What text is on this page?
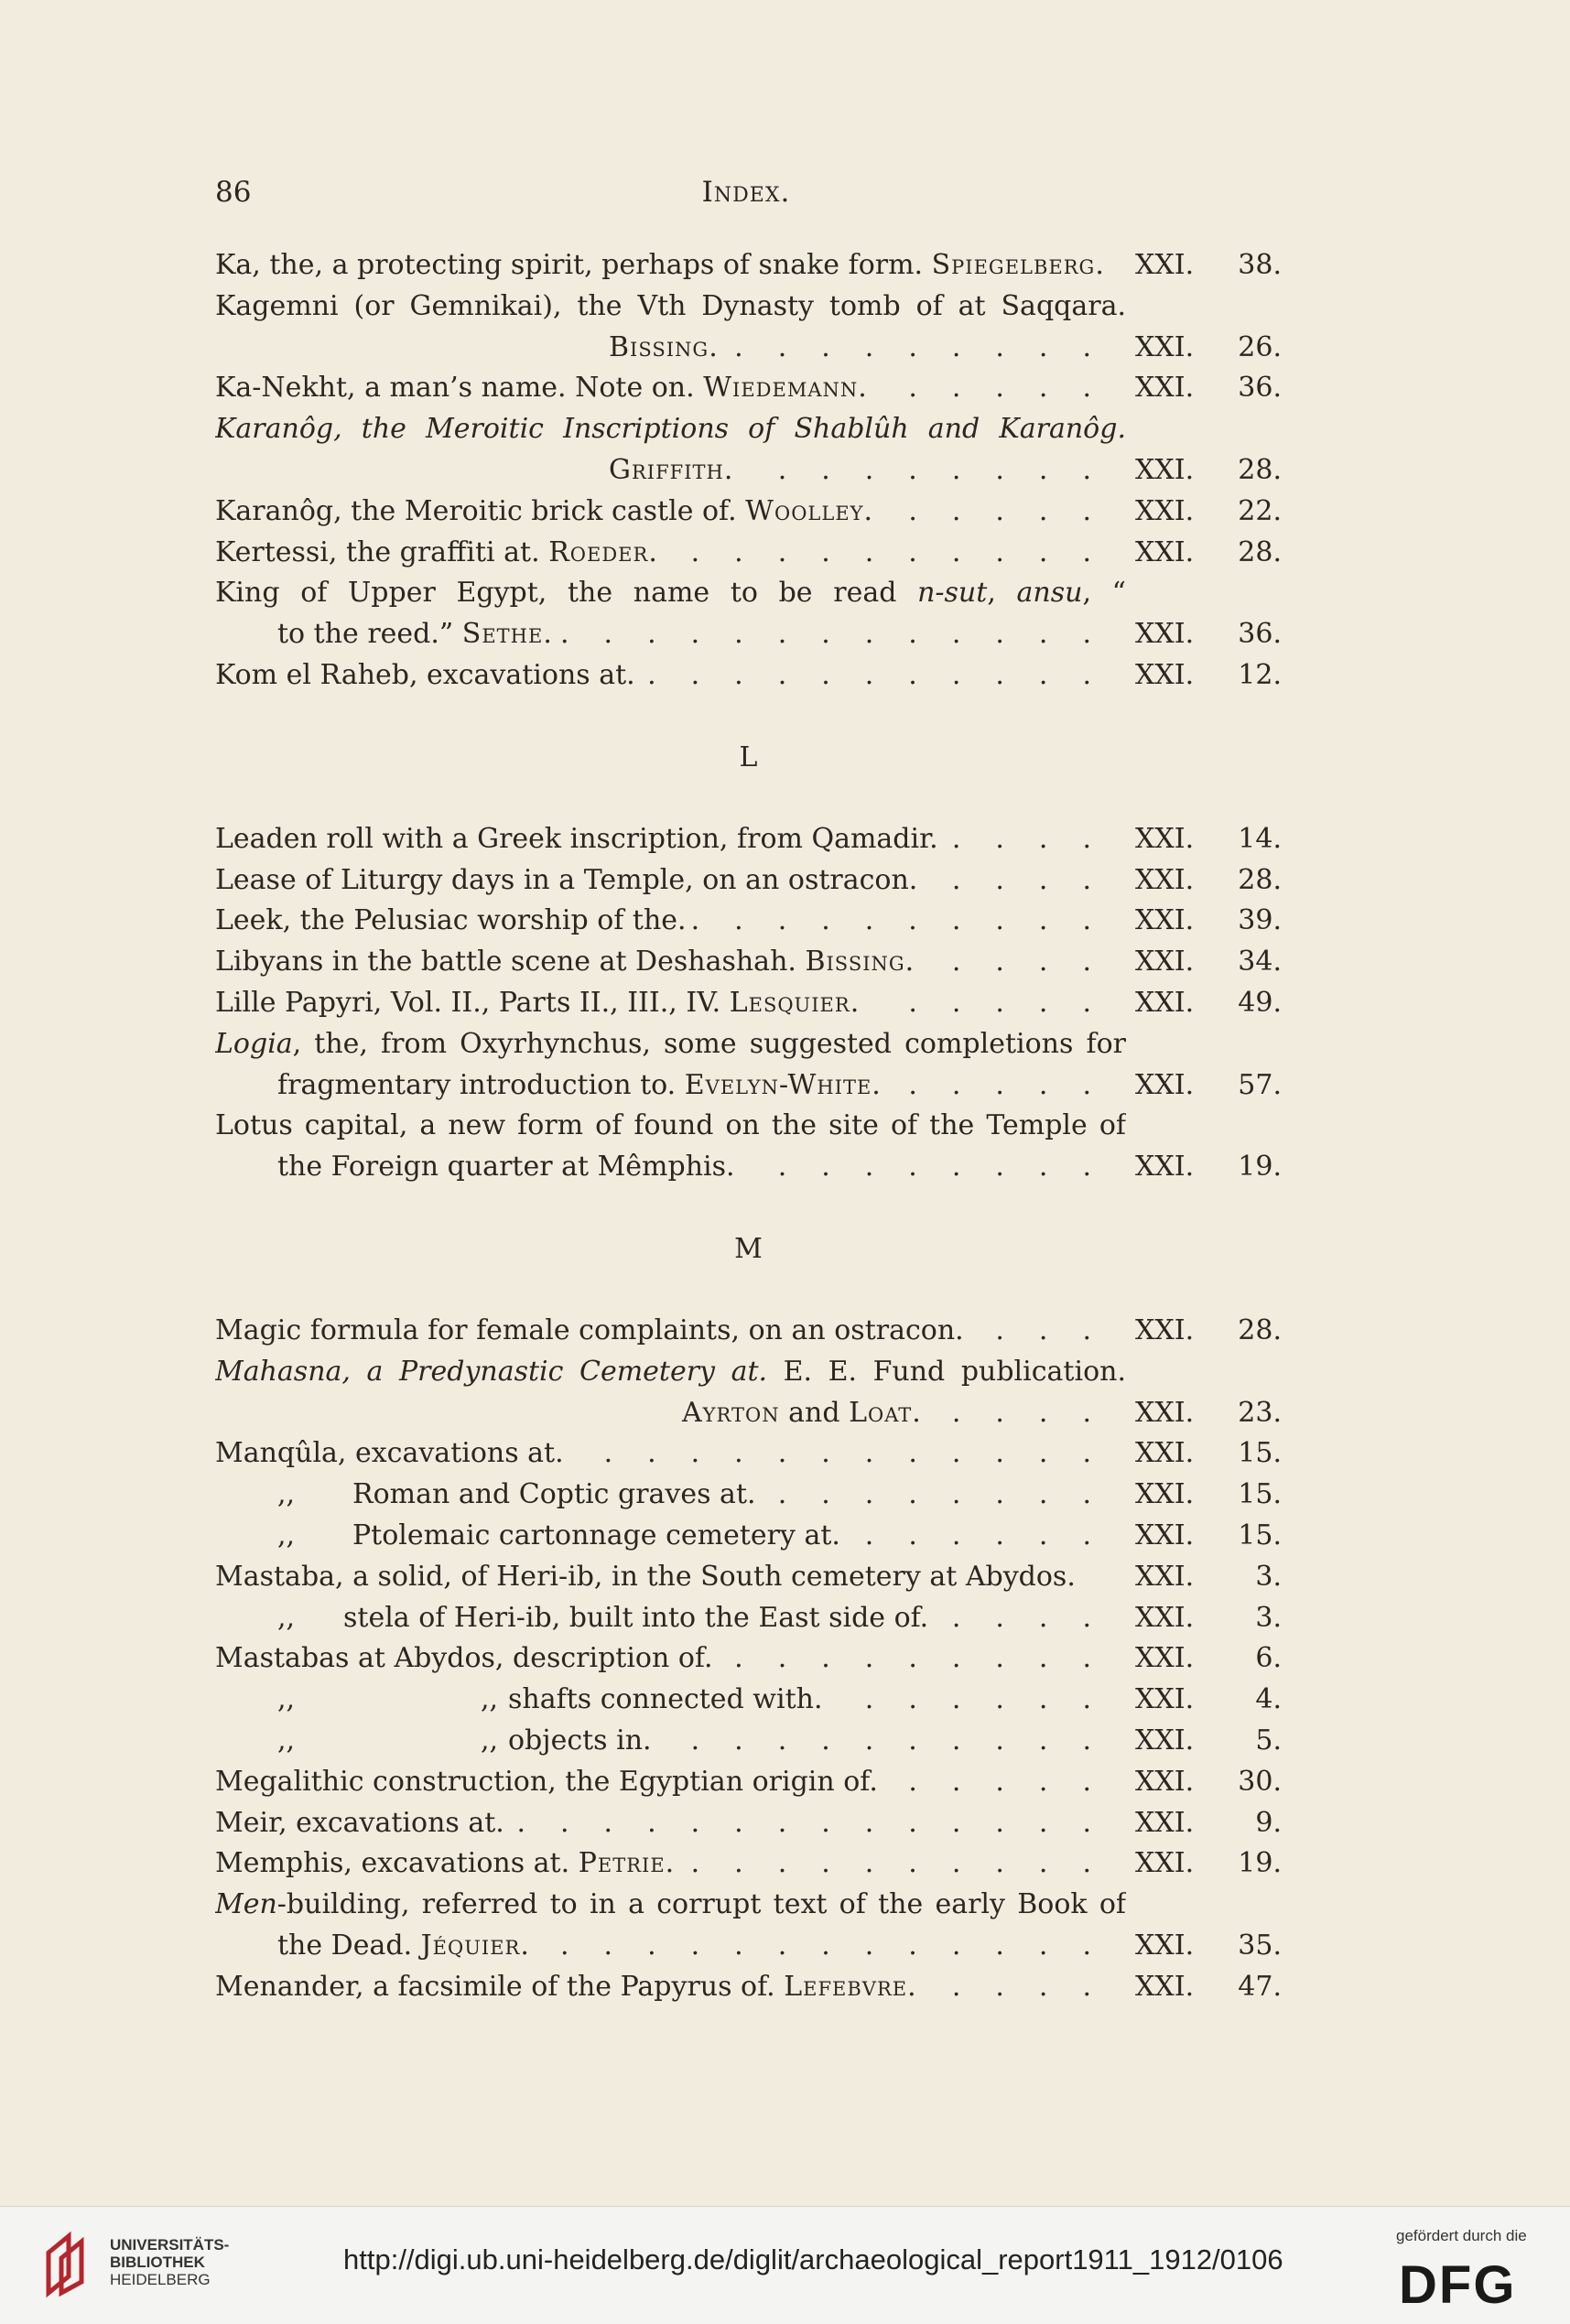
86	Index.
Ka, the, a protecting spirit, perhaps of snake form. Spiegelberg. XXI. 38.
Kagemni (or Gemnikai), the Vth Dynasty tomb of at Saqqara.
Bissing. ......... XXI. 26.
Ka-Nekht, a man’s name. Note on. Wiedemann. ..... XXI. 36.
Karanôg, the Meroitic Inscriptions of Shablûh and Karanôg.
Griffith. ........ XXI. 28.
Karanôg, the Meroitic brick castle of. Woolley. ..... XXI. 22.
Kertessi, the graffiti at. Roeder. .......... XXI. 28.
King of Upper Egypt, the name to be read n-sut, ansu, “
to the reed.” Sethe. ............. XXI. 36.
Kom el Raheb, excavations at. ........... XXI. 12.
L
Leaden roll with a Greek inscription, from Qamadir. .... XXI. 14.
Lease of Liturgy days in a Temple, on an ostracon. .... XXI. 28.
Leek, the Pelusiac worship of the. .......... XXI. 39.
Libyans in the battle scene at Deshashah. Bissing. .... XXI. 34.
Lille Papyri, Vol. II., Parts II., III., IV. Lesquier. ..... XXI. 49.
Logia, the, from Oxyrhynchus, some suggested completions for
fragmentary introduction to. Evelyn-White. ..... XXI. 57.
Lotus capital, a new form of found on the site of the Temple of
the Foreign quarter at Mêmphis. ........ XXI. 19.
M
Magic formula for female complaints, on an ostracon. ... XXI. 28.
Mahasna, a Predynastic Cemetery at. E. E. Fund publication.
Ayrton and Loat. .... XXI. 23.
Manqûla, excavations at. ............ XXI. 15.
,, Roman and Coptic graves at. ........ XXI. 15.
,, Ptolemaic cartonnage cemetery at. ...... XXI. 15.
Mastaba, a solid, of Heri-ib, in the South cemetery at Abydos. XXI. 3.
,, stela of Heri-ib, built into the East side of. .... XXI. 3.
Mastabas at Abydos, description of. ......... XXI. 6.
,,	,, shafts connected with. ...... XXI. 4.
,,	,, objects in. .......... XXI. 5.
Megalithic construction, the Egyptian origin of. ..... XXI. 30.
Meir, excavations at. .............. XXI. 9.
Memphis, excavations at. Petrie. .......... XXI. 19.
Men-building, referred to in a corrupt text of the early Book of
the Dead. Jéquier. ............. XXI. 35.
Menander, a facsimile of the Papyrus of. Lefebvre. .... XXI. 47.
UNIVERSITÄTS-
BIBLIOTHEK
HEIDELBERG
http://digi.ub.uni-heidelberg.de/diglit/archaeological_report1911_1912/0106
gefördert durch die
DFG
